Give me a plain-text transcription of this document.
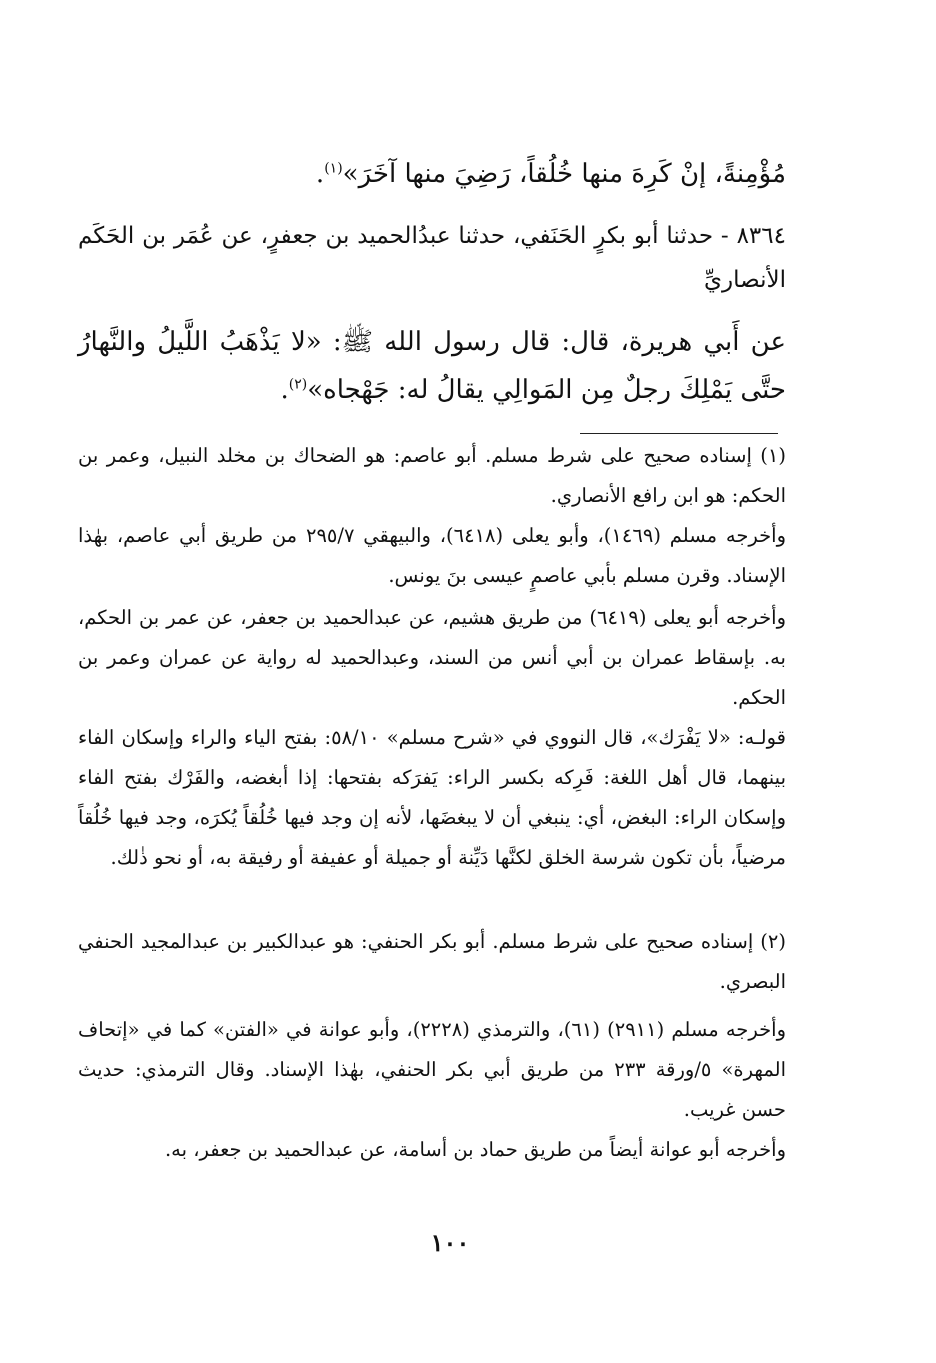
مُؤْمِنةً، إنْ كَرِهَ منها خُلُقاً، رَضِيَ منها آخَرَ»$^{(١)}$.

٨٣٦٤ - حدثنا أبو بكرٍ الحَنَفي، حدثنا عبدُالحميد بن جعفرٍ، عن عُمَر بن الحَكَم الأنصاريِّ

عن أَبي هريرة، قال: قال رسول الله ﷺ: «لا يَذْهَبُ اللَّيلُ والنَّهارُ حتَّى يَمْلِكَ رجلٌ مِن المَوالِي يقالُ له: جَهْجاه»$^{(٢)}$.

(١) إسناده صحيح على شرط مسلم. أبو عاصم: هو الضحاك بن مخلد النبيل، وعمر بن الحكم: هو ابن رافع الأنصاري.

وأخرجه مسلم (١٤٦٩)، وأبو يعلى (٦٤١٨)، والبيهقي ٢٩٥/٧ من طريق أبي عاصم، بهٰذا الإسناد. وقرن مسلم بأبي عاصمٍ عيسى بنَ يونس.

وأخرجه أبو يعلى (٦٤١٩) من طريق هشيم، عن عبدالحميد بن جعفر، عن عمر بن الحكم، به. بإسقاط عمران بن أبي أنس من السند، وعبدالحميد له رواية عن عمران وعمر بن الحكم.

قولـه: «لا يَفْرَك»، قال النووي في «شرح مسلم» ٥٨/١٠: بفتح الياء والراء وإسكان الفاء بينهما، قال أهل اللغة: فَرِكه بكسر الراء: يَفرَكه بفتحها: إذا أبغضه، والفَرْك بفتح الفاء وإسكان الراء: البغض، أي: ينبغي أن لا يبغضَها، لأنه إن وجد فيها خُلُقاً يُكرَه، وجد فيها خُلُقاً مرضياً، بأن تكون شرسة الخلق لكنَّها دَيِّنة أو جميلة أو عفيفة أو رفيقة به، أو نحو ذٰلك.

(٢) إسناده صحيح على شرط مسلم. أبو بكر الحنفي: هو عبدالكبير بن عبدالمجيد الحنفي البصري.

وأخرجه مسلم (٢٩١١) (٦١)، والترمذي (٢٢٢٨)، وأبو عوانة في «الفتن» كما في «إتحاف المهرة» ٥/ورقة ٢٣٣ من طريق أبي بكر الحنفي، بهٰذا الإسناد. وقال الترمذي: حديث حسن غريب.

وأخرجه أبو عوانة أيضاً من طريق حماد بن أسامة، عن عبدالحميد بن جعفر، به.

١٠٠
